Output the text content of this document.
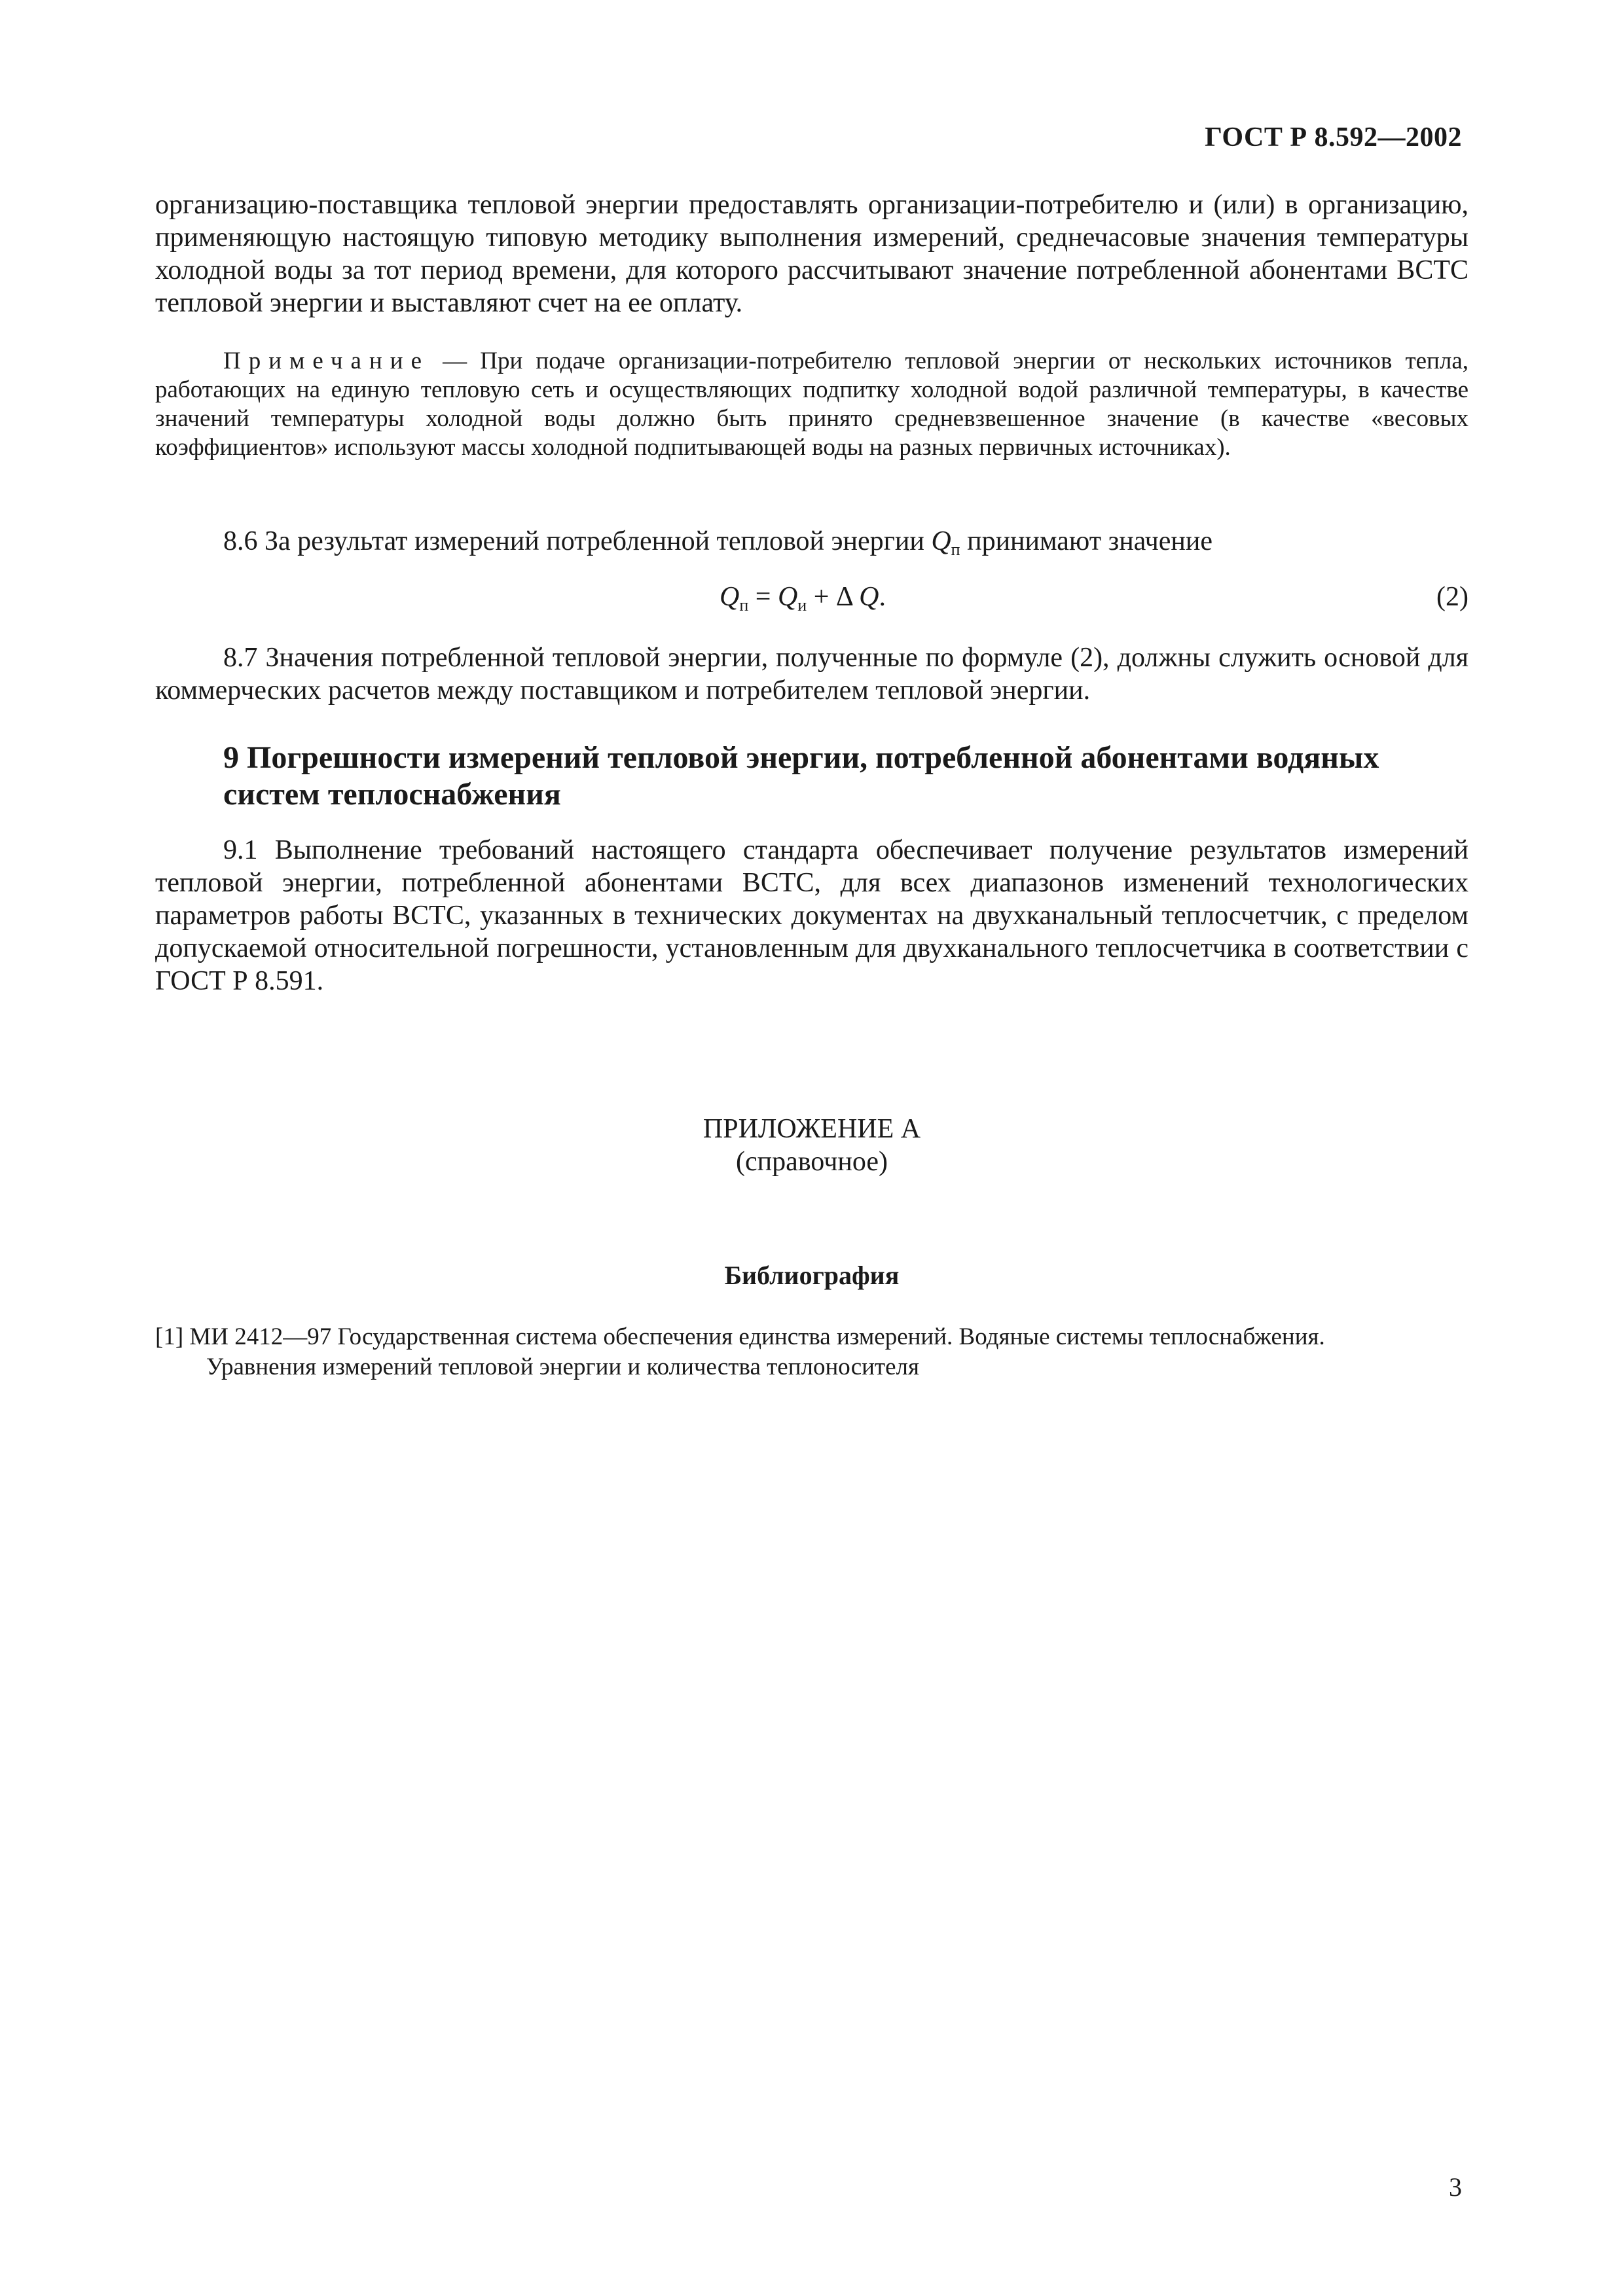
ГОСТ Р 8.592—2002

организацию-поставщика тепловой энергии предоставлять организации-потребителю и (или) в организацию, применяющую настоящую типовую методику выполнения измерений, среднечасовые значения температуры холодной воды за тот период времени, для которого рассчитывают значение потребленной абонентами ВСТС тепловой энергии и выставляют счет на ее оплату.

Примечание — При подаче организации-потребителю тепловой энергии от нескольких источников тепла, работающих на единую тепловую сеть и осуществляющих подпитку холодной водой различной температуры, в качестве значений температуры холодной воды должно быть принято средневзвешенное значение (в качестве «весовых коэффициентов» используют массы холодной подпитывающей воды на разных первичных источниках).
8.6 За результат измерений потребленной тепловой энергии $Q_п$ принимают значение
$Q_п = Q_и + \Delta$ Q.	(2)
8.7 Значения потребленной тепловой энергии, полученные по формуле (2), должны служить основой для коммерческих расчетов между поставщиком и потребителем тепловой энергии.
9 Погрешности измерений тепловой энергии, потребленной абонентами водяных
систем теплоснабжения
9.1 Выполнение требований настоящего стандарта обеспечивает получение результатов измерений тепловой энергии, потребленной абонентами ВСТС, для всех диапазонов изменений технологических параметров работы ВСТС, указанных в технических документах на двухканальный теплосчетчик, с пределом допускаемой относительной погрешности, установленным для двухканального теплосчетчика в соответствии с ГОСТ Р 8.591.
ПРИЛОЖЕНИЕ А
(справочное)
Библиография
[1] МИ 2412—97 Государственная система обеспечения единства измерений. Водяные системы теплоснабжения.
Уравнения измерений тепловой энергии и количества теплоносителя
3
